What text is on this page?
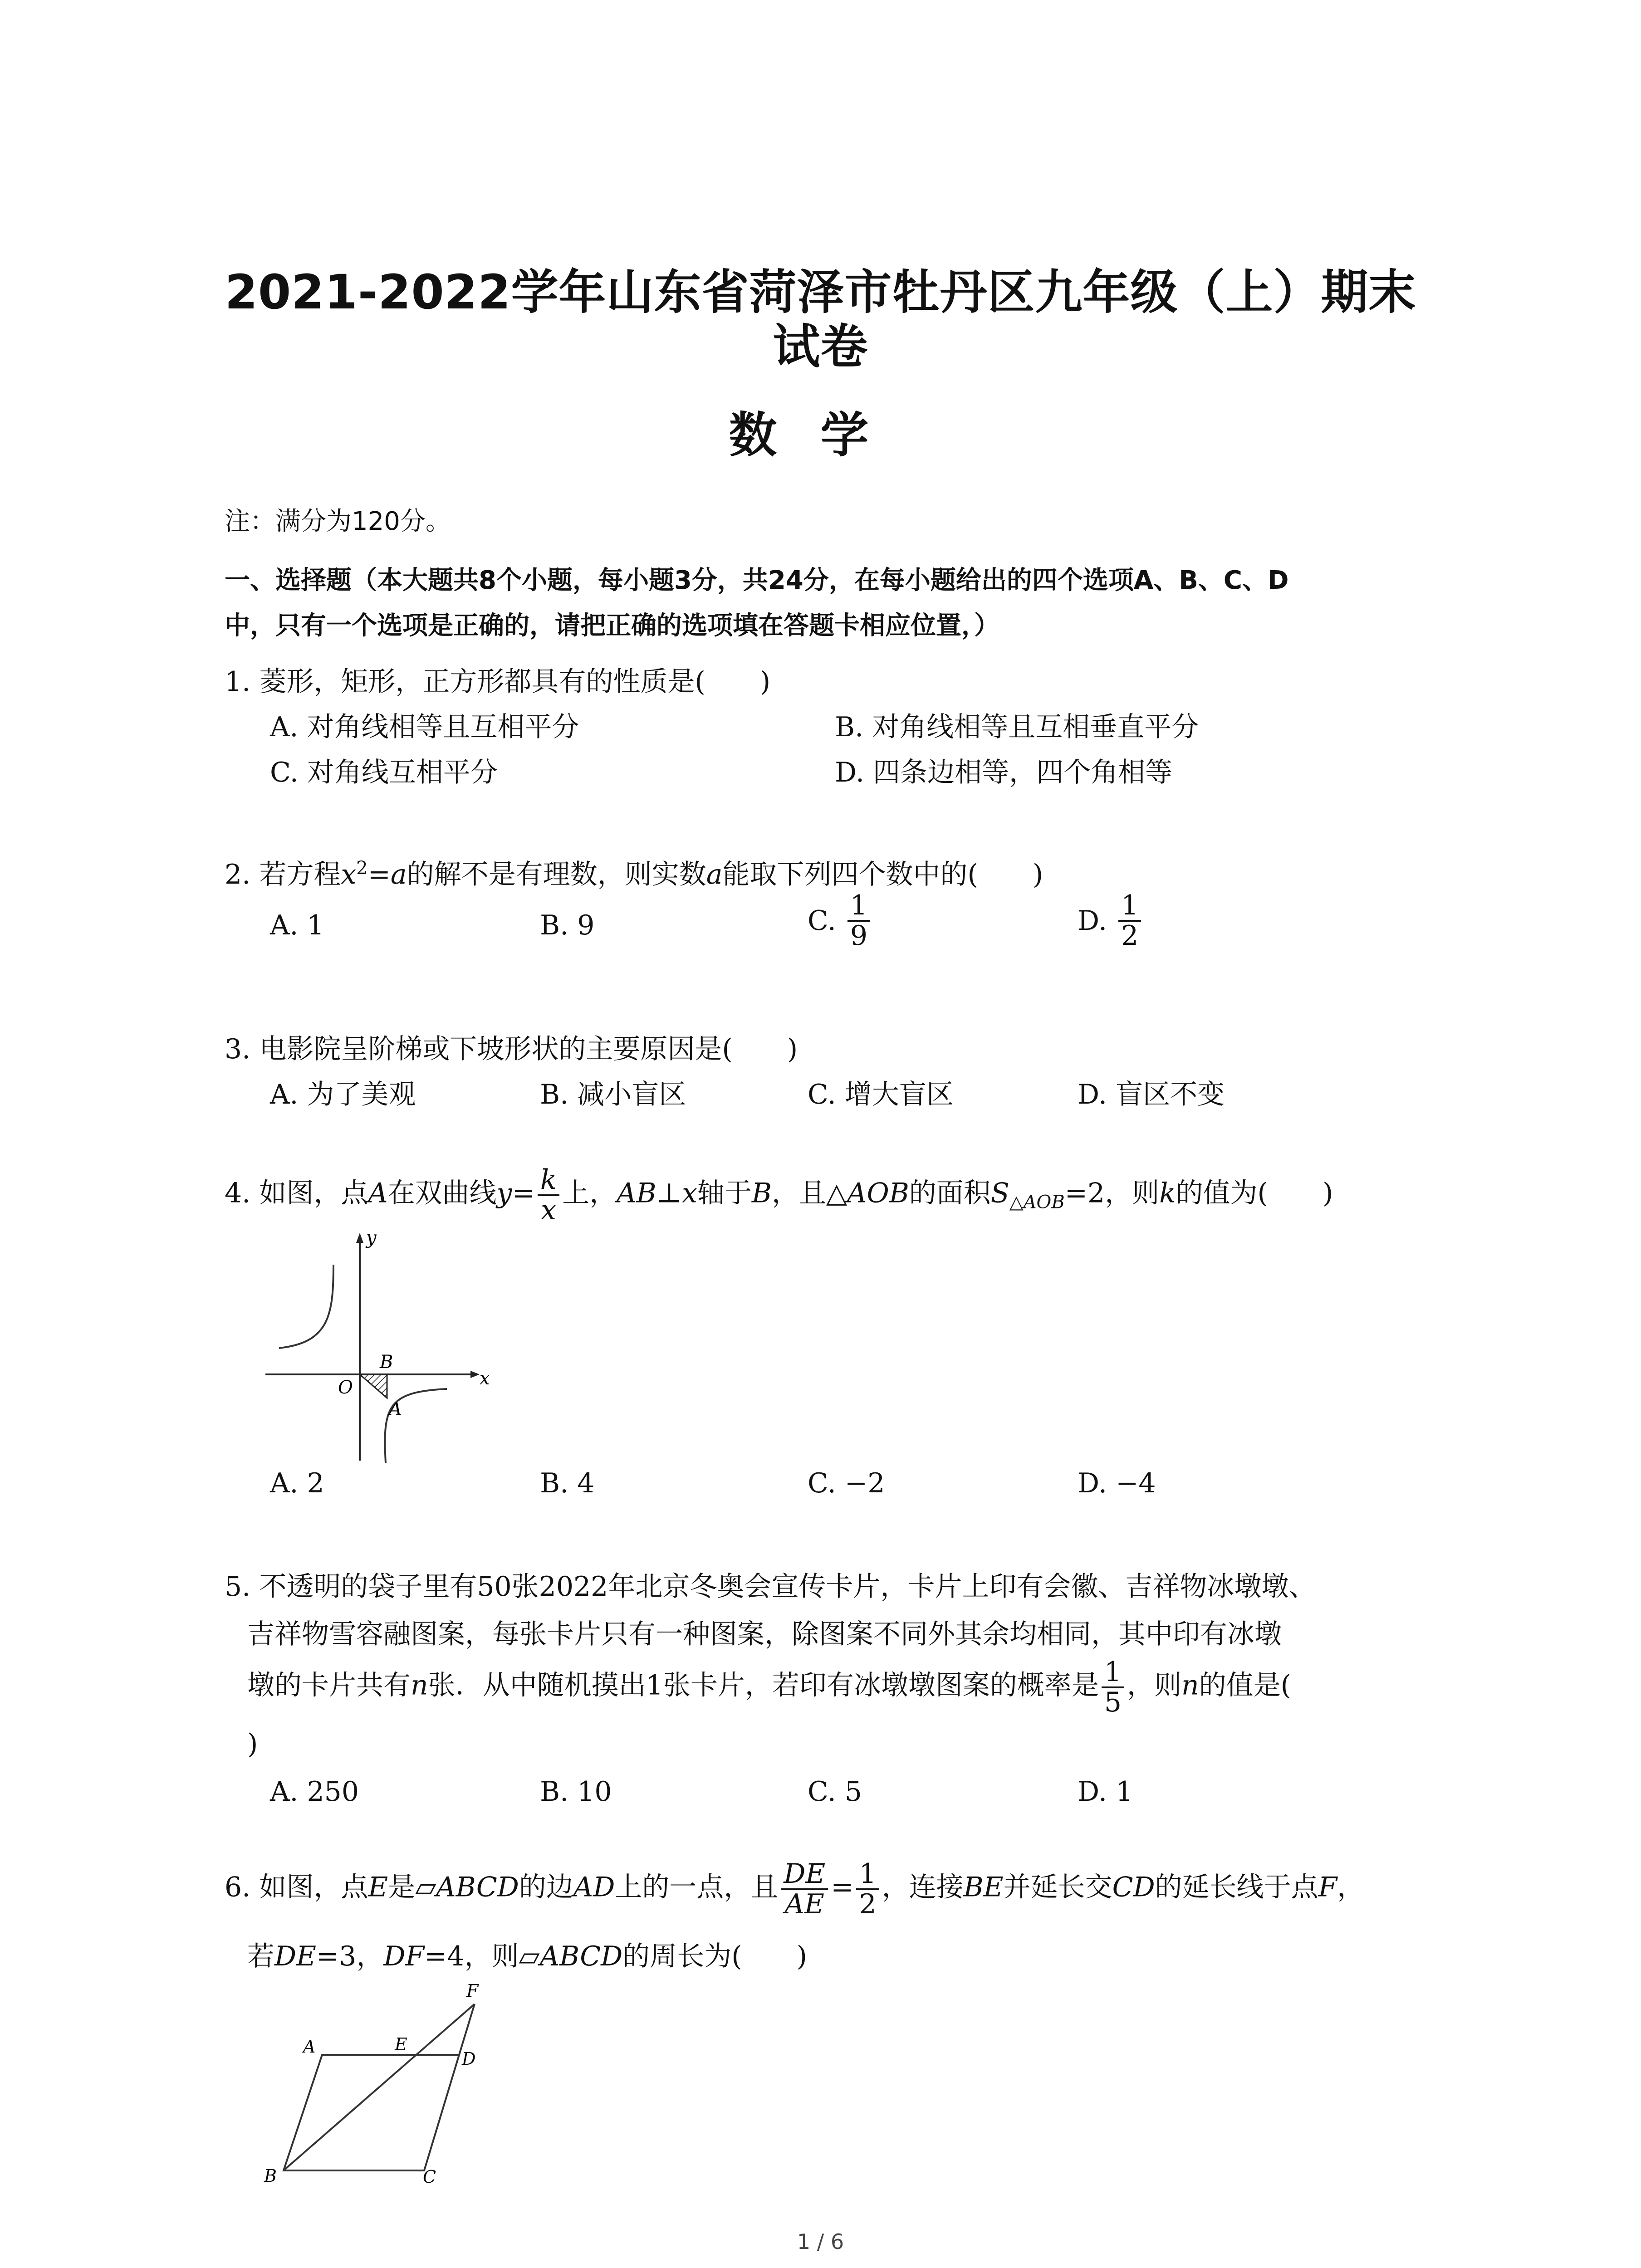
2021-2022学年山东省菏泽市牡丹区九年级（上）期末
试卷
数学
注：满分为120分。
一、选择题（本大题共8个小题，每小题3分，共24分，在每小题给出的四个选项A、B、C、D
中，只有一个选项是正确的，请把正确的选项填在答题卡相应位置，）
1. 菱形，矩形，正方形都具有的性质是(　　)
A. 对角线相等且互相平分	B. 对角线相等且互相垂直平分
C. 对角线互相平分	D. 四条边相等，四个角相等
2. 若方程$x^2=a$的解不是有理数，则实数a能取下列四个数中的(　　)
A. 1	B. 9	C. $\frac{1}{9}$	D. $\frac{1}{2}$
3. 电影院呈阶梯或下坡形状的主要原因是(　　)
A. 为了美观	B. 减小盲区	C. 增大盲区	D. 盲区不变
4. 如图，点A在双曲线$y= \frac{k}{x}$ 上，AB⊥x轴于B，且△AOB的面积$S_{\triangle AOB}=2$，则k的值为(　　)
y
x
O
B
A
A. 2	B. 4	C. −2	D. −4
5. 不透明的袋子里有50张2022年北京冬奥会宣传卡片，卡片上印有会徽、吉祥物冰墩墩、
吉祥物雪容融图案，每张卡片只有一种图案，除图案不同外其余均相同，其中印有冰墩
墩的卡片共有n张．从中随机摸出1张卡片，若印有冰墩墩图案的概率是 $\frac{1}{5}$ ，则n的值是(
)
A. 250	B. 10	C. 5	D. 1
6. 如图，点E是▱ABCD的边AD上的一点，且 $\frac{DE}{AE} = \frac{1}{2}$ ，连接BE并延长交CD的延长线于点F，
若DE=3，DF=4，则▱ABCD的周长为(　　)
A	E
D
F
B	C
1 / 6
